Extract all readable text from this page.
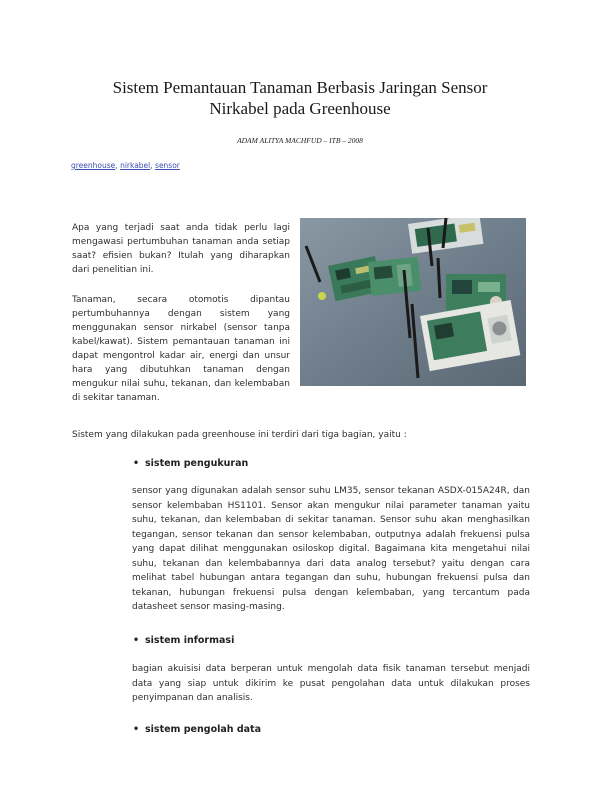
Sistem Pemantauan Tanaman Berbasis Jaringan Sensor
Nirkabel pada Greenhouse
ADAM ALITYA MACHFUD – ITB – 2008
greenhouse, nirkabel, sensor

Apa yang terjadi saat anda tidak perlu lagi mengawasi pertumbuhan tanaman anda setiap saat? efisien bukan? Itulah yang diharapkan dari penelitian ini.

Tanaman, secara otomotis dipantau pertumbuhannya dengan sistem yang menggunakan sensor nirkabel (sensor tanpa kabel/kawat). Sistem pemantauan tanaman ini dapat mengontrol kadar air, energi dan unsur hara yang dibutuhkan tanaman dengan mengukur nilai suhu, tekanan, dan kelembaban di sekitar tanaman.

Sistem yang dilakukan pada greenhouse ini terdiri dari tiga bagian, yaitu :

• sistem pengukuran

sensor yang digunakan adalah sensor suhu LM35, sensor tekanan ASDX-015A24R, dan sensor kelembaban HS1101. Sensor akan mengukur nilai parameter tanaman yaitu suhu, tekanan, dan kelembaban di sekitar tanaman. Sensor suhu akan menghasilkan tegangan, sensor tekanan dan sensor kelembaban, outputnya adalah frekuensi pulsa yang dapat dilihat menggunakan osiloskop digital. Bagaimana kita mengetahui nilai suhu, tekanan dan kelembabannya dari data analog tersebut? yaitu dengan cara melihat tabel hubungan antara tegangan dan suhu, hubungan frekuensi pulsa dan tekanan, hubungan frekuensi pulsa dengan kelembaban, yang tercantum pada datasheet sensor masing-masing.

• sistem informasi

bagian akuisisi data berperan untuk mengolah data fisik tanaman tersebut menjadi data yang siap untuk dikirim ke pusat pengolahan data untuk dilakukan proses penyimpanan dan analisis.

• sistem pengolah data
